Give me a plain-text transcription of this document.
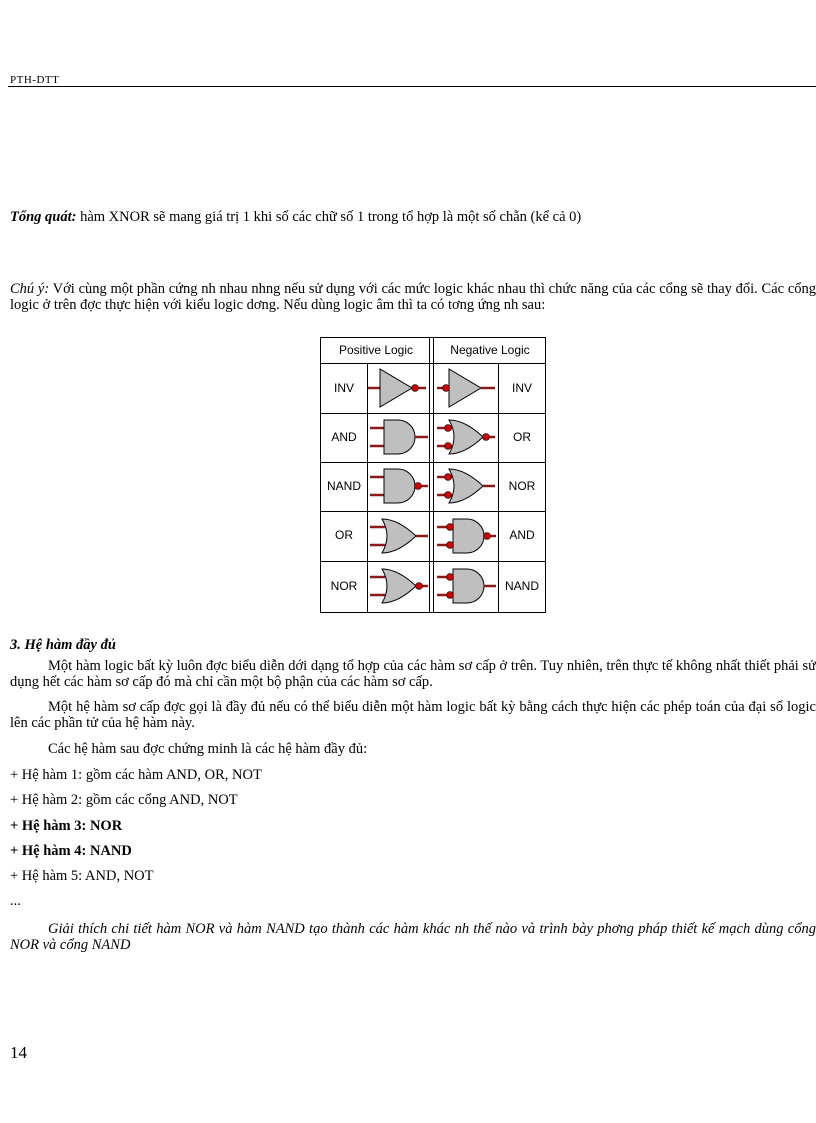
PTH-DTT
Tổng quát: hàm XNOR sẽ mang giá trị 1 khi số các chữ số 1 trong tổ hợp là một số chẵn (kể cả 0)
Chú ý: Với cùng một phần cứng nh nhau nhng nếu sử dụng với các mức logic khác nhau thì chức năng của các cổng sẽ thay đổi. Các cổng logic ở trên đợc thực hiện với kiểu logic dơng. Nếu dùng logic âm thì ta có tơng ứng nh sau:
Positive Logic	Negative Logic
INV	INV
AND	OR
NAND	NOR
OR	AND
NOR	NAND
3. Hệ hàm đầy đủ
Một hàm logic bất kỳ luôn đợc biểu diễn dới dạng tổ hợp của các hàm sơ cấp ở trên. Tuy nhiên, trên thực tế không nhất thiết phải sử dụng hết các hàm sơ cấp đó mà chỉ cần một bộ phận của các hàm sơ cấp.
Một hệ hàm sơ cấp đợc gọi là đầy đủ nếu có thể biểu diễn một hàm logic bất kỳ bằng cách thực hiện các phép toán của đại số logic lên các phần tử của hệ hàm này.
Các hệ hàm sau đợc chứng minh là các hệ hàm đầy đủ:
+ Hệ hàm 1: gồm các hàm AND, OR, NOT
+ Hệ hàm 2: gồm các cổng AND, NOT
+ Hệ hàm 3: NOR
+ Hệ hàm 4: NAND
+ Hệ hàm 5: AND, NOT
...
Giải thích chi tiết hàm NOR và hàm NAND tạo thành các hàm khác nh thế nào và trình bày phơng pháp thiết kế mạch dùng cổng NOR và cổng NAND
14
